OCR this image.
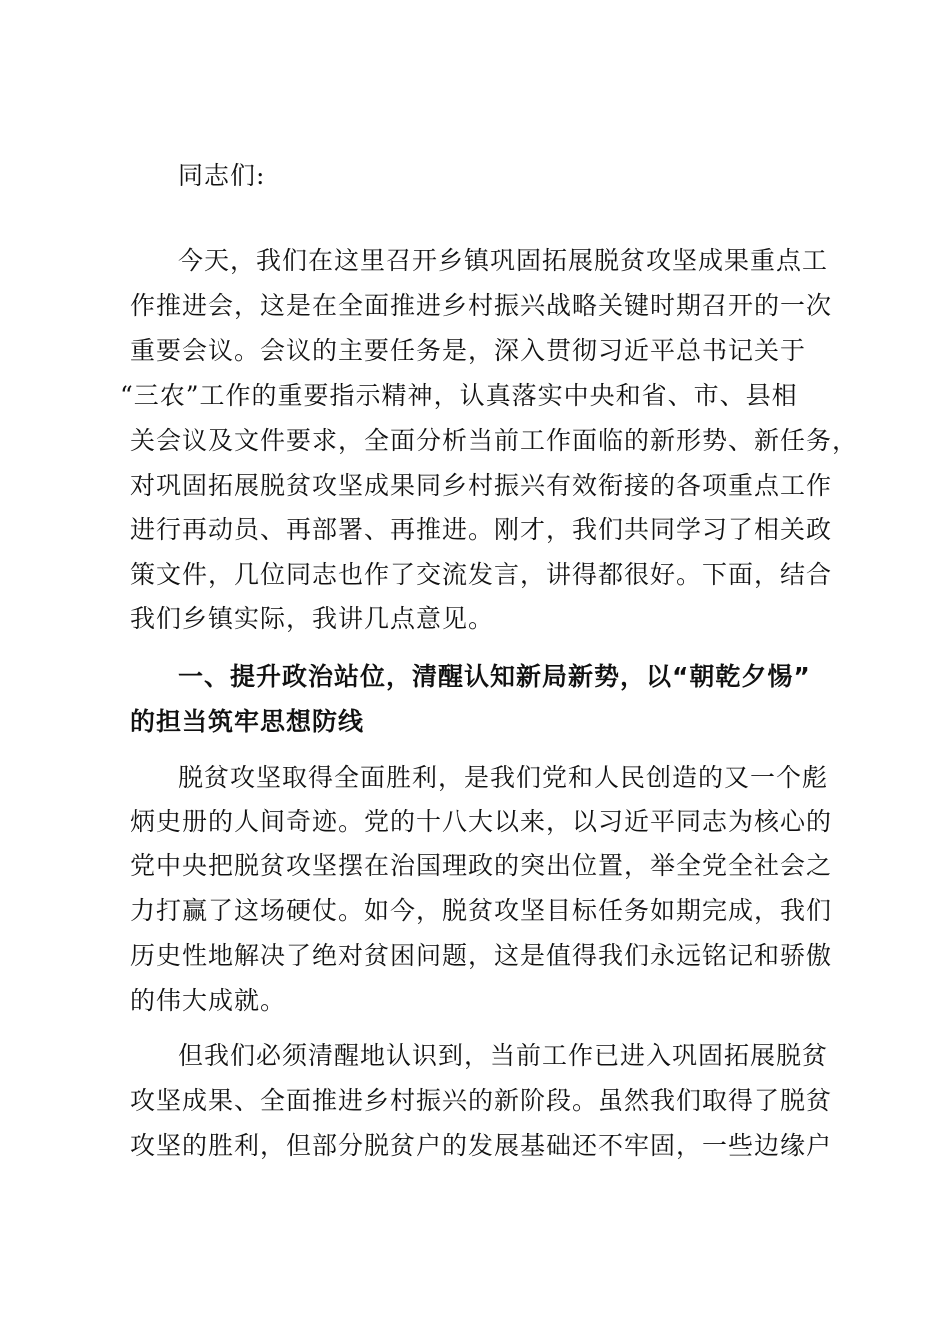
同志们:
今天，我们在这里召开乡镇巩固拓展脱贫攻坚成果重点工
作推进会，这是在全面推进乡村振兴战略关键时期召开的一次
重要会议。会议的主要任务是，深入贯彻习近平总书记关于
“三农”工作的重要指示精神，认真落实中央和省、市、县相
关会议及文件要求，全面分析当前工作面临的新形势、新任务，
对巩固拓展脱贫攻坚成果同乡村振兴有效衔接的各项重点工作
进行再动员、再部署、再推进。刚才，我们共同学习了相关政
策文件，几位同志也作了交流发言，讲得都很好。下面，结合
我们乡镇实际，我讲几点意见。
一、提升政治站位，清醒认知新局新势，以“朝乾夕惕”
的担当筑牢思想防线
脱贫攻坚取得全面胜利，是我们党和人民创造的又一个彪
炳史册的人间奇迹。党的十八大以来，以习近平同志为核心的
党中央把脱贫攻坚摆在治国理政的突出位置，举全党全社会之
力打赢了这场硬仗。如今，脱贫攻坚目标任务如期完成，我们
历史性地解决了绝对贫困问题，这是值得我们永远铭记和骄傲
的伟大成就。
但我们必须清醒地认识到，当前工作已进入巩固拓展脱贫
攻坚成果、全面推进乡村振兴的新阶段。虽然我们取得了脱贫
攻坚的胜利，但部分脱贫户的发展基础还不牢固，一些边缘户
